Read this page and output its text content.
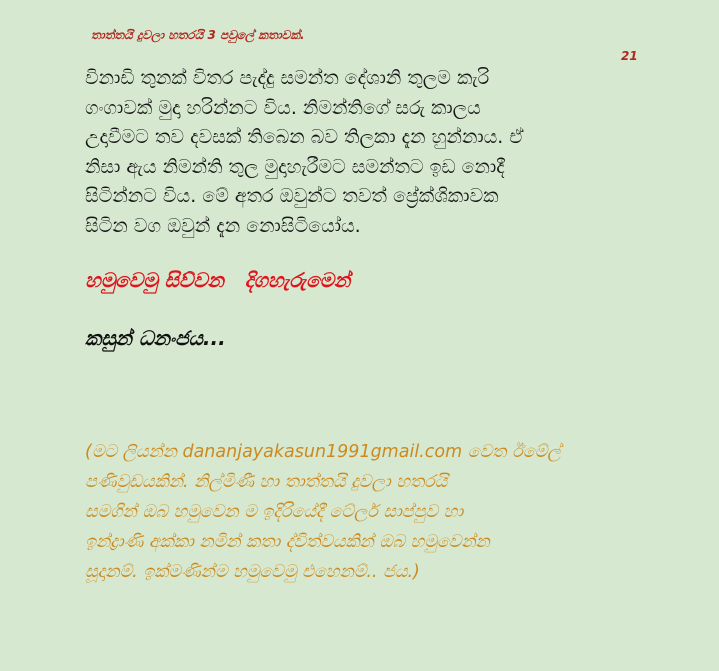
තාත්තයි දුවලා හතරයි 3 පවුලේ කතාවක්.
21
විනාඩි තුනක් විතර පැද්දු සමන්ත දේශානි තුලම කැරි
ගංගාවක් මුදා හරින්නට විය. නිමන්තිගේ සරු කාලය
උදාවීමට තව දවසක් තිබෙන බව තිලකා දැන හුන්නාය. ඒ
නිසා ඇය නිමන්ති තුල මුදාහැරීමට සමන්තට ඉඩ නොදී
සිටින්නට විය. මේ අතර ඔවුන්ට තවත් ප්‍රේක්ශිකාවක
සිටින වග ඔවුන් දැන නොසිටියෝය.
හමුවෙමු සිව්වන   දිගහැරුමෙන්
කසුන් ධනංජය...
(මට ලියන්න dananjayakasun1991gmail.com වෙත ඊමේල්
පණිවුඩයකින්. නිල්මිණී හා තාත්තයි දුවලා හතරයි
සමගින් ඔබ හමුවෙන ම ඉදිරියේදී ටේලර් සාප්පුව හා
ඉන්ද්‍රාණි අක්කා නමින් කතා ද්විත්වයකින් ඔබ හමුවෙන්න
සූදානම්. ඉක්මණින්ම හමුවෙමු එහෙනම්.. ජය.)
